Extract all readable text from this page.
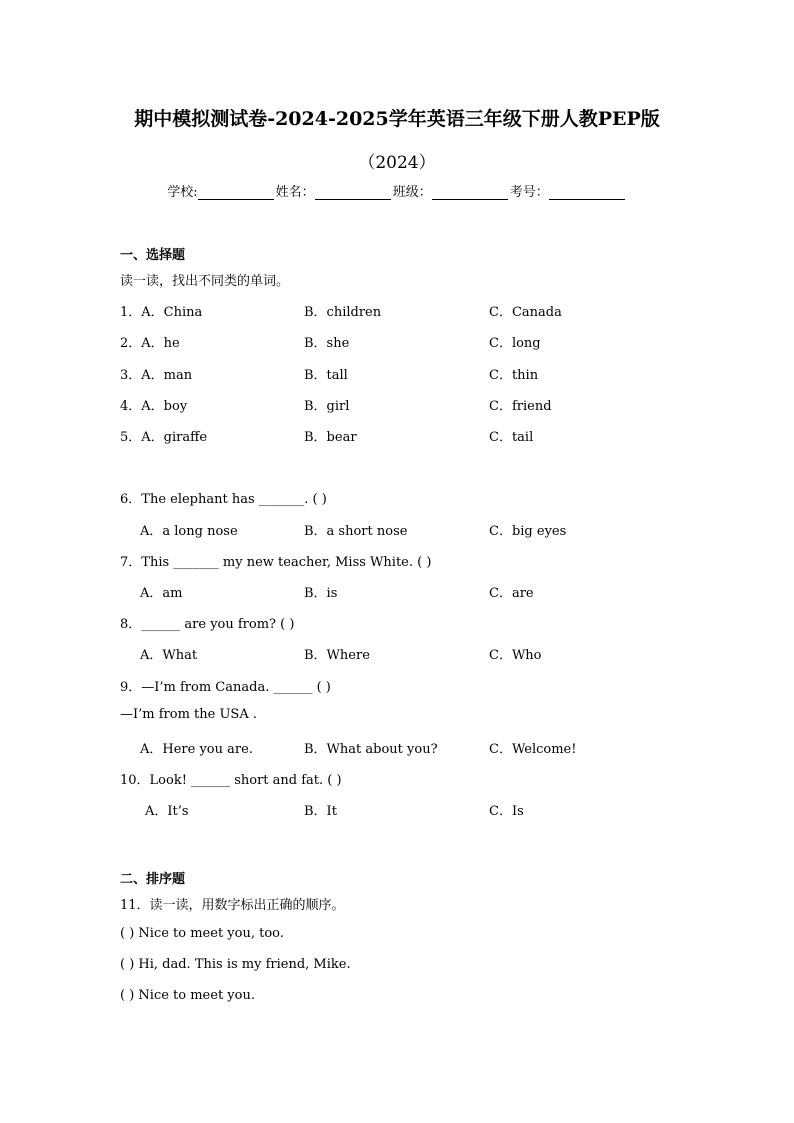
期中模拟测试卷-2024-2025学年英语三年级下册人教PEP版
（2024）
学校:	姓名：	班级：	考号：
一、选择题
读一读，找出不同类的单词。
1．A．China	B．children	C．Canada
2．A．he	B．she	C．long
3．A．man	B．tall	C．thin
4．A．boy	B．girl	C．friend
5．A．giraffe	B．bear	C．tail
6．The elephant has _______. ( )
A．a long nose	B．a short nose	C．big eyes
7．This _______ my new teacher, Miss White. ( )
A．am	B．is	C．are
8．______ are you from? ( )
A．What	B．Where	C．Who
9．—I’m from Canada. ______ ( )
—I’m from the USA .
A．Here you are.	B．What about you?	C．Welcome!
10．Look! ______ short and fat. ( )
A．It’s	B．It	C．Is
二、排序题
11．读一读，用数字标出正确的顺序。
( ) Nice to meet you, too.
( ) Hi, dad. This is my friend, Mike.
( ) Nice to meet you.
